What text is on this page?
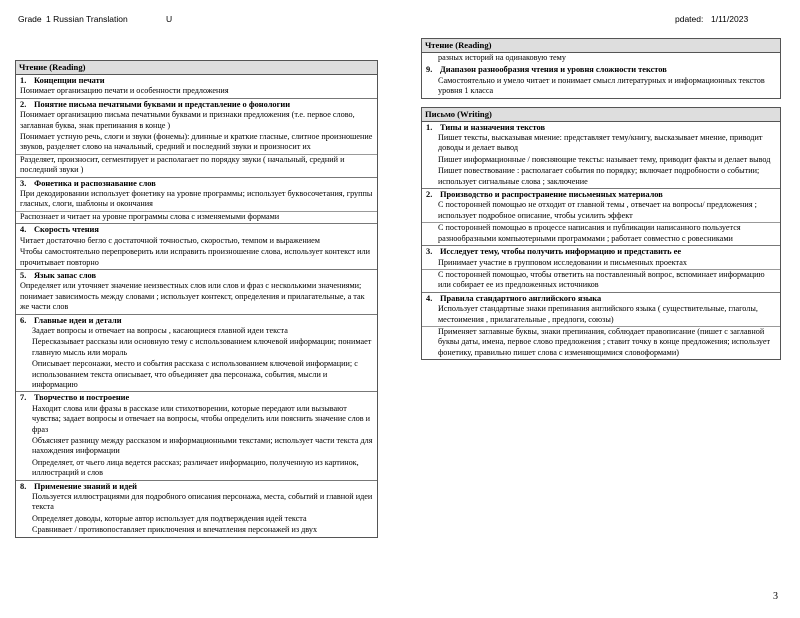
Grade 1 Russian Translation	U	pdated: 1/11/2023
Чтение (Reading)
1. Концепции печати
Понимает организацию печати и особенности предложения
2. Понятие письма печатными буквами и представление о фонологии
Понимает организацию письма печатными буквами и признаки предложения (т.е. первое слово, заглавная буква, знак препинания в конце )
Понимает устную речь, слоги и звуки (фонемы): длинные и краткие гласные, слитное произношение звуков, разделяет слово на начальный, средний и последний звуки и произносит их
Разделяет, произносит, сегментирует и располагает по порядку звуки ( начальный, средний и последний звуки )
3. Фонетика и распознавание слов
При декодировании использует фонетику на уровне программы; использует буквосочетания, группы гласных, слоги, шаблоны и окончания
Распознает и читает на уровне программы слова с изменяемыми формами
4. Скорость чтения
Читает достаточно бегло с достаточной точностью, скоростью, темпом и выражением
Чтобы самостоятельно перепроверить или исправить произношение слова, использует контекст или прочитывает повторно
5. Язык запас слов
Определяет или уточняет значение неизвестных слов или слов и фраз с несколькими значениями; понимает зависимость между словами ; использует контекст, определения и прилагательные, а так же части слов
6. Главные идеи и детали
Задает вопросы и отвечает на вопросы , касающиеся главной идеи текста
Пересказывает рассказы или основную тему с использованием ключевой информации; понимает главную мысль или мораль
Описывает персонажи, место и события рассказа с использованием ключевой информации; с использованием текста описывает, что объединяет два персонажа, события, мысли и информацию
7. Творчество и построение
Находит слова или фразы в рассказе или стихотворении, которые передают или вызывают чувства; задает вопросы и отвечает на вопросы, чтобы определить или пояснить значение слов и фраз
Объясняет разницу между рассказом и информационными текстами; использует части текста для нахождения информации
Определяет, от чьего лица ведется рассказ; различает информацию, полученную из картинок, иллюстраций и слов
8. Применение знаний и идей
Пользуется иллюстрациями для подробного описания персонажа, места, событий и главной идеи текста
Определяет доводы, которые автор использует для подтверждения идей текста
Сравнивает / противопоставляет приключения и впечатления персонажей из двух
Чтение (Reading)
разных историй на одинаковую тему
9. Диапазон разнообразия чтения и уровня сложности текстов
Самостоятельно и умело читает и понимает смысл литературных и информационных текстов уровня 1 класса
Письмо (Writing)
1. Типы и назначения текстов
Пишет тексты, высказывая мнение: представляет тему/книгу, высказывает мнение, приводит доводы и делает вывод
Пишет информационные / поясняющие тексты: называет тему, приводит факты и делает вывод
Пишет повествование : располагает события по порядку; включает подробности о событии; использует сигнальные слова ; заключение
2. Производство и распространение письменных материалов
С посторонней помощью не отходит от главной темы , отвечает на вопросы/ предложения ; использует подробное описание, чтобы усилить эффект
С посторонней помощью в процессе написания и публикации написанного пользуется разнообразными компьютерными программами ; работает совместно с ровесниками
3. Исследует тему, чтобы получить информацию и представить ее
Принимает участие в групповом исследовании и письменных проектах
С посторонней помощью, чтобы ответить на поставленный вопрос, вспоминает информацию или собирает ее из предложенных источников
4. Правила стандартного английского языка
Использует стандартные знаки препинания английского языка ( существительные, глаголы, местоимения , прилагательные , предлоги, союзы)
Применяет заглавные буквы, знаки препинания, соблюдает правописание (пишет с заглавной буквы даты, имена, первое слово предложения ; ставит точку в конце предложения; использует фонетику, правильно пишет слова с изменяющимися словоформами)
3
